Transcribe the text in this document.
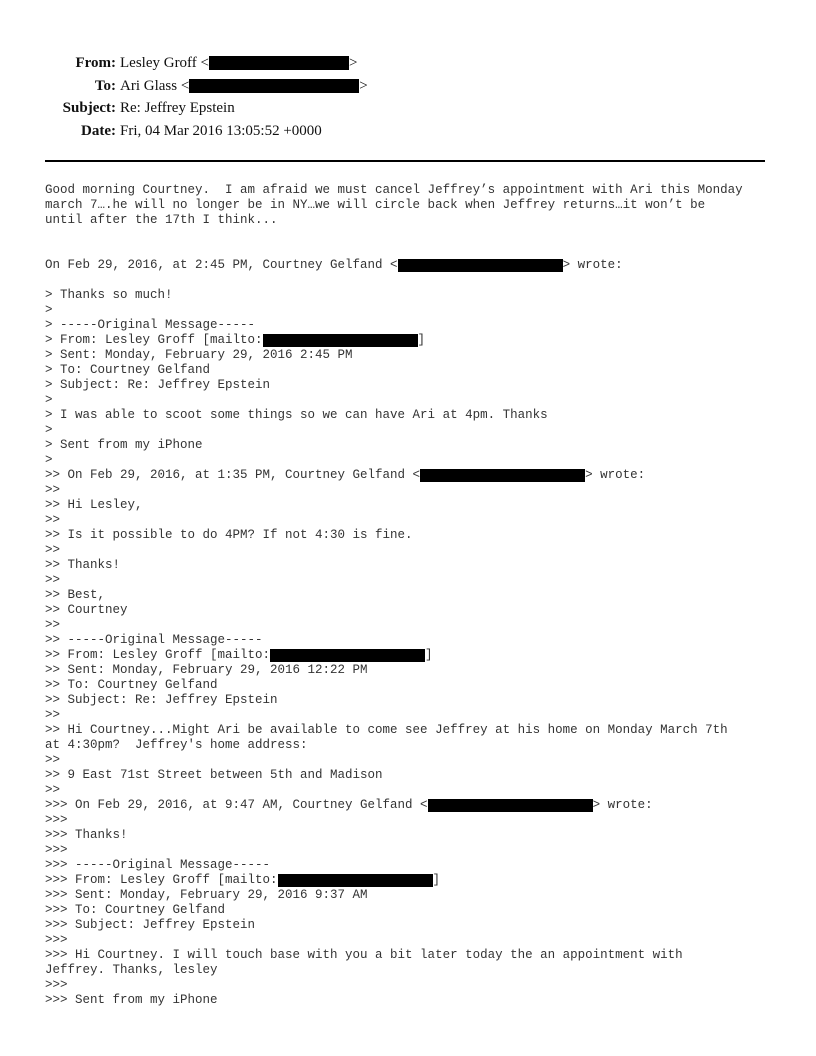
From: Lesley Groff <	>
To: Ari Glass <	>
Subject: Re: Jeffrey Epstein
Date: Fri, 04 Mar 2016 13:05:52 +0000
Good morning Courtney.  I am afraid we must cancel Jeffrey’s appointment with Ari this Monday
march 7….he will no longer be in NY…we will circle back when Jeffrey returns…it won’t be
until after the 17th I think...
On Feb 29, 2016, at 2:45 PM, Courtney Gelfand <	> wrote:
> Thanks so much!
>
> -----Original Message-----
> From: Lesley Groff [mailto:	]
> Sent: Monday, February 29, 2016 2:45 PM
> To: Courtney Gelfand
> Subject: Re: Jeffrey Epstein
>
> I was able to scoot some things so we can have Ari at 4pm. Thanks
>
> Sent from my iPhone
>
>> On Feb 29, 2016, at 1:35 PM, Courtney Gelfand <	> wrote:
>>
>> Hi Lesley,
>>
>> Is it possible to do 4PM? If not 4:30 is fine.
>>
>> Thanks!
>>
>> Best,
>> Courtney
>>
>> -----Original Message-----
>> From: Lesley Groff [mailto:	]
>> Sent: Monday, February 29, 2016 12:22 PM
>> To: Courtney Gelfand
>> Subject: Re: Jeffrey Epstein
>>
>> Hi Courtney...Might Ari be available to come see Jeffrey at his home on Monday March 7th
at 4:30pm?  Jeffrey's home address:
>>
>> 9 East 71st Street between 5th and Madison
>>
>>> On Feb 29, 2016, at 9:47 AM, Courtney Gelfand <	> wrote:
>>>
>>> Thanks!
>>>
>>> -----Original Message-----
>>> From: Lesley Groff [mailto:	]
>>> Sent: Monday, February 29, 2016 9:37 AM
>>> To: Courtney Gelfand
>>> Subject: Jeffrey Epstein
>>>
>>> Hi Courtney. I will touch base with you a bit later today the an appointment with
Jeffrey. Thanks, lesley
>>>
>>> Sent from my iPhone
